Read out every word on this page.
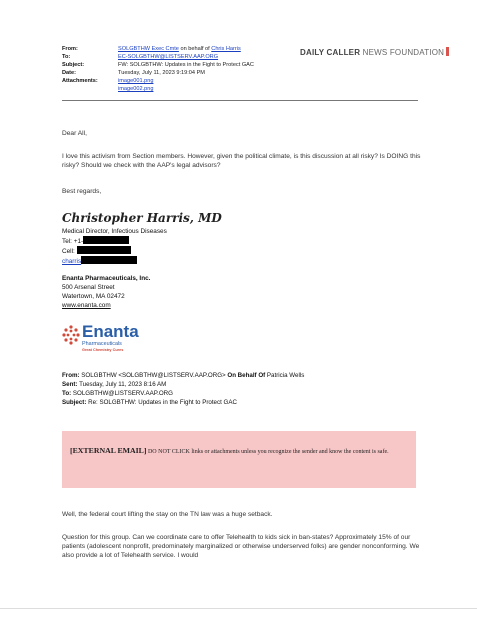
From:	SOLGBTHW Exec Cmte on behalf of Chris Harris
To:	EC-SOLGBTHW@LISTSERV.AAP.ORG
Subject:	FW: SOLGBTHW: Updates in the Fight to Protect GAC
Date:	Tuesday, July 11, 2023 9:19:04 PM
Attachments:	image001.png
image002.png
DAILY CALLER NEWS FOUNDATION
Dear All,
I love this activism from Section members. However, given the political climate, is this discussion at all risky? Is DOING this risky? Should we check with the AAP's legal advisors?
Best regards,
Christopher Harris, MD
Medical Director, Infectious Diseases
Tel: +1-
Cell:
charris
Enanta Pharmaceuticals, Inc.
500 Arsenal Street
Watertown, MA 02472
www.enanta.com
Enanta
Pharmaceuticals
Great Chemistry Cures
From: SOLGBTHW <SOLGBTHW@LISTSERV.AAP.ORG> On Behalf Of Patricia Wells
Sent: Tuesday, July 11, 2023 8:16 AM
To: SOLGBTHW@LISTSERV.AAP.ORG
Subject: Re: SOLGBTHW: Updates in the Fight to Protect GAC
[EXTERNAL EMAIL] DO NOT CLICK links or attachments unless you recognize the sender and know the content is safe.
Well, the federal court lifting the stay on the TN law was a huge setback.
Question for this group. Can we coordinate care to offer Telehealth to kids sick in ban-states? Approximately 15% of our patients (adolescent nonprofit, predominately marginalized or otherwise underserved folks) are gender nonconforming. We also provide a lot of Telehealth service. I would
